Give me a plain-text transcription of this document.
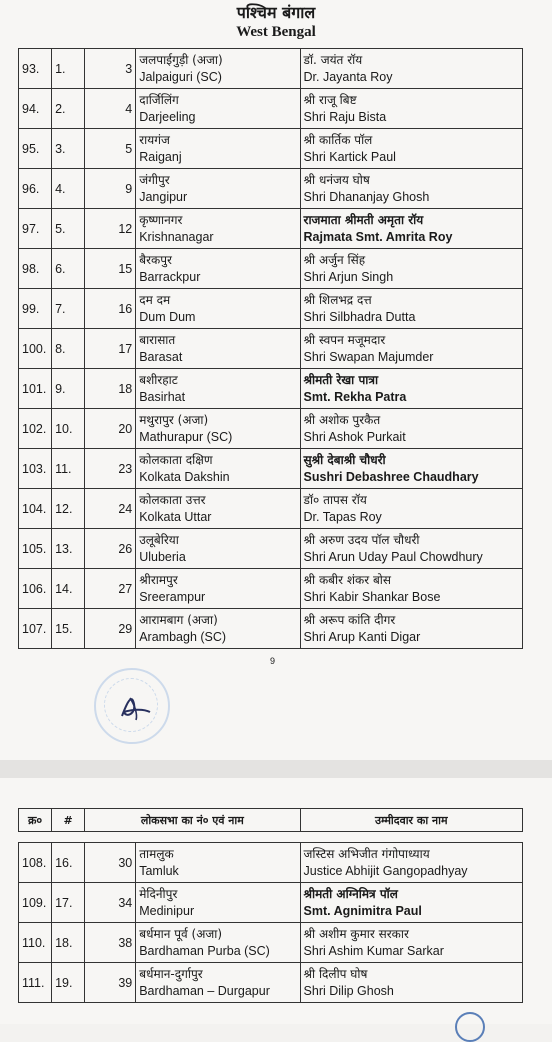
पश्चिम बंगाल
West Bengal
93.	1.	3	जलपाईगुड़ी (अजा)
Jalpaiguri (SC)	डॉ. जयंत रॉय
Dr. Jayanta Roy

94.	2.	4	दार्जिलिंग
Darjeeling	श्री राजू बिष्ट
Shri Raju Bista

95.	3.	5	रायगंज
Raiganj	श्री कार्तिक पॉल
Shri Kartick Paul

96.	4.	9	जंगीपुर
Jangipur	श्री धनंजय घोष
Shri Dhananjay Ghosh

97.	5.	12	कृष्णानगर
Krishnanagar	राजमाता श्रीमती अमृता रॉय
Rajmata Smt. Amrita Roy

98.	6.	15	बैरकपुर
Barrackpur	श्री अर्जुन सिंह
Shri Arjun Singh

99.	7.	16	दम दम
Dum Dum	श्री शिलभद्र दत्त
Shri Silbhadra Dutta

100.	8.	17	बारासात
Barasat	श्री स्वपन मजूमदार
Shri Swapan Majumder

101.	9.	18	बशीरहाट
Basirhat	श्रीमती रेखा पात्रा
Smt. Rekha Patra

102.	10.	20	मथुरापुर (अजा)
Mathurapur (SC)	श्री अशोक पुरकैत
Shri Ashok Purkait

103.	11.	23	कोलकाता दक्षिण
Kolkata Dakshin	सुश्री देबाश्री चौधरी
Sushri Debashree Chaudhary

104.	12.	24	कोलकाता उत्तर
Kolkata Uttar	डॉ० तापस रॉय
Dr. Tapas Roy

105.	13.	26	उलूबेरिया
Uluberia	श्री अरुण उदय पॉल चौधरी
Shri Arun Uday Paul Chowdhury

106.	14.	27	श्रीरामपुर
Sreerampur	श्री कबीर शंकर बोस
Shri Kabir Shankar Bose

107.	15.	29	आरामबाग (अजा)
Arambagh (SC)	श्री अरूप कांति दीगर
Shri Arup Kanti Digar
9
क्र०	#	लोकसभा का नं० एवं नाम	उम्मीदवार का नाम
108.	16.	30	तामलुक
Tamluk	जस्टिस अभिजीत गंगोपाध्याय
Justice Abhijit Gangopadhyay

109.	17.	34	मेदिनीपुर
Medinipur	श्रीमती अग्निमित्र पॉल
Smt. Agnimitra Paul

110.	18.	38	बर्धमान पूर्व (अजा)
Bardhaman Purba (SC)	श्री अशीम कुमार सरकार
Shri Ashim Kumar Sarkar

111.	19.	39	बर्धमान-दुर्गापुर
Bardhaman – Durgapur	श्री दिलीप घोष
Shri Dilip Ghosh
